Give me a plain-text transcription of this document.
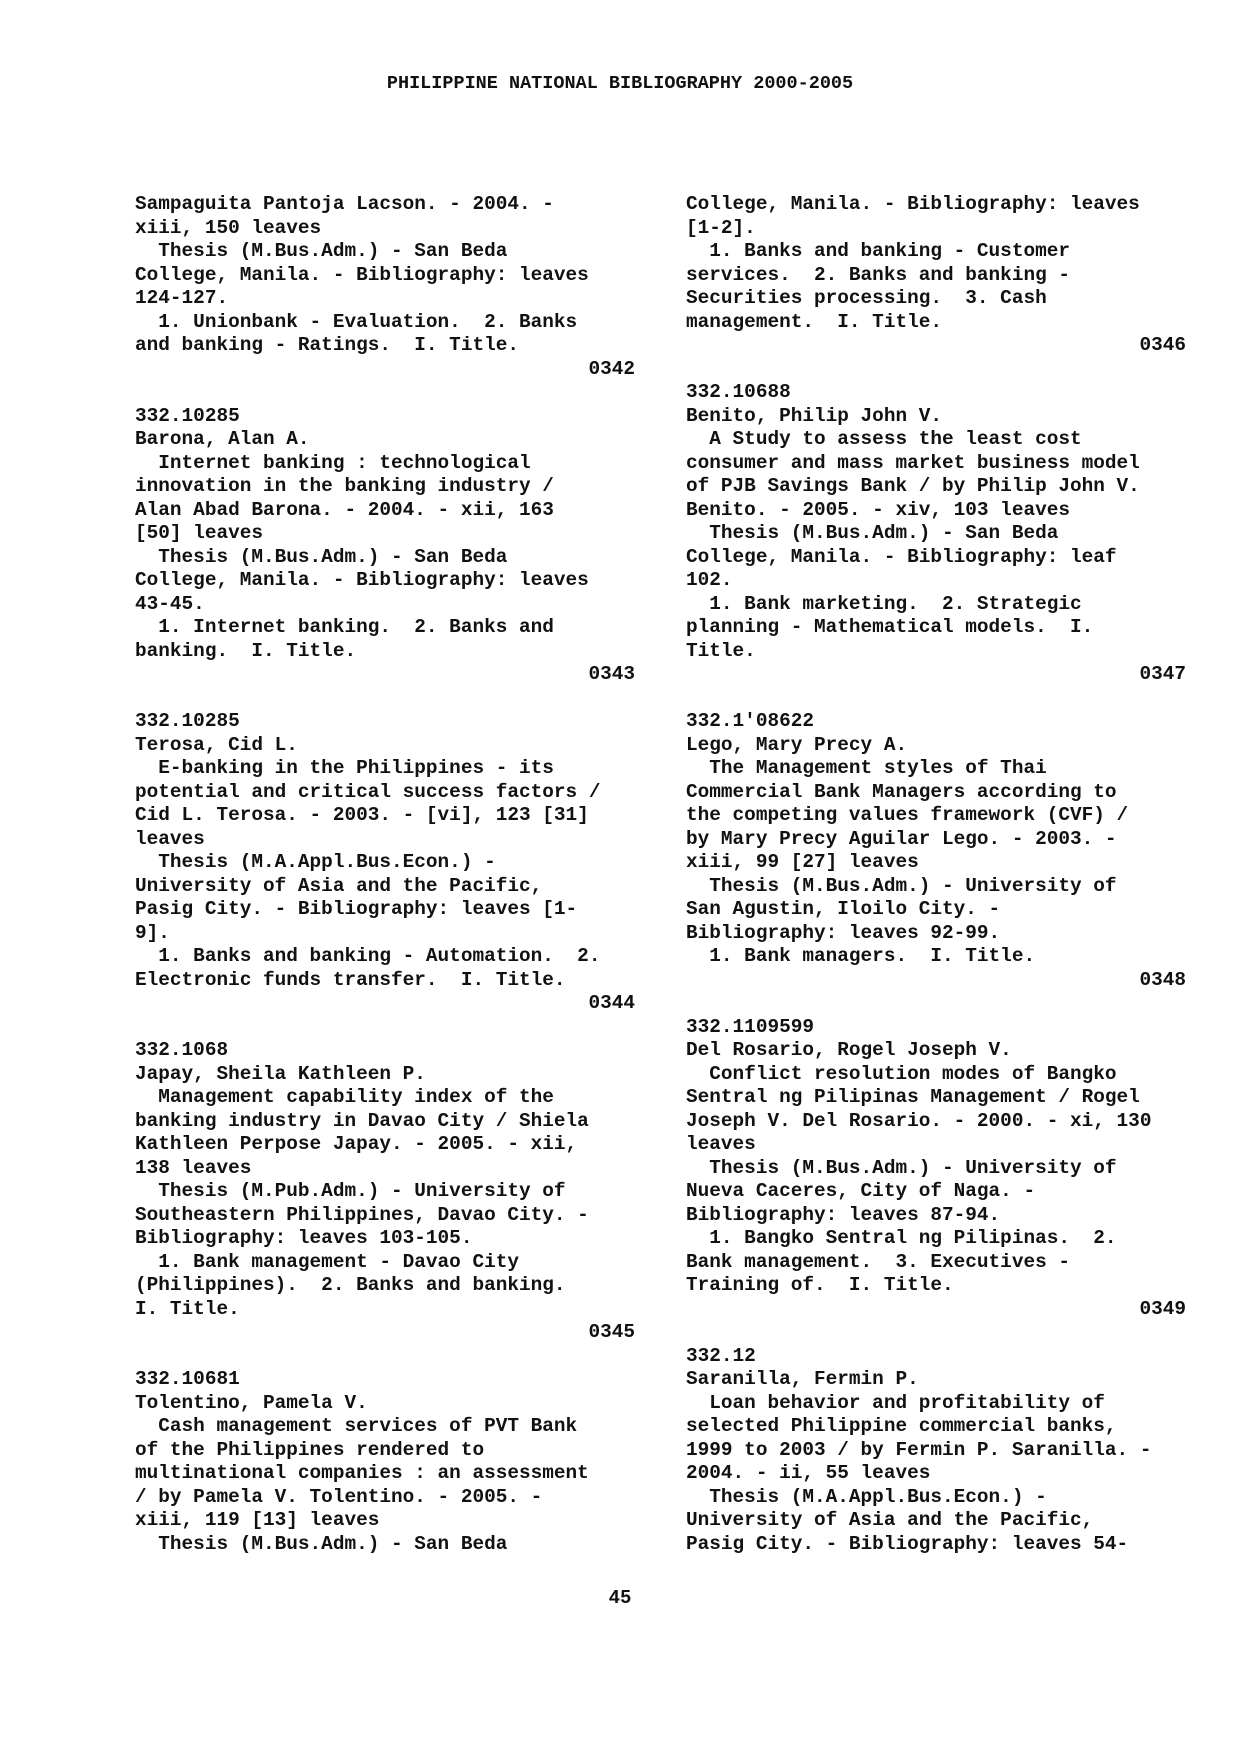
PHILIPPINE NATIONAL BIBLIOGRAPHY 2000-2005
Sampaguita Pantoja Lacson. - 2004. -
xiii, 150 leaves
Thesis (M.Bus.Adm.) - San Beda
College, Manila. - Bibliography: leaves
124-127.
1. Unionbank - Evaluation.  2. Banks
and banking - Ratings.  I. Title.
0342
332.10285
Barona, Alan A.
Internet banking : technological
innovation in the banking industry /
Alan Abad Barona. - 2004. - xii, 163
[50] leaves
Thesis (M.Bus.Adm.) - San Beda
College, Manila. - Bibliography: leaves
43-45.
1. Internet banking.  2. Banks and
banking.  I. Title.
0343
332.10285
Terosa, Cid L.
E-banking in the Philippines - its
potential and critical success factors /
Cid L. Terosa. - 2003. - [vi], 123 [31]
leaves
Thesis (M.A.Appl.Bus.Econ.) -
University of Asia and the Pacific,
Pasig City. - Bibliography: leaves [1-
9].
1. Banks and banking - Automation.  2.
Electronic funds transfer.  I. Title.
0344
332.1068
Japay, Sheila Kathleen P.
Management capability index of the
banking industry in Davao City / Shiela
Kathleen Perpose Japay. - 2005. - xii,
138 leaves
Thesis (M.Pub.Adm.) - University of
Southeastern Philippines, Davao City. -
Bibliography: leaves 103-105.
1. Bank management - Davao City
(Philippines).  2. Banks and banking.
I. Title.
0345
332.10681
Tolentino, Pamela V.
Cash management services of PVT Bank
of the Philippines rendered to
multinational companies : an assessment
/ by Pamela V. Tolentino. - 2005. -
xiii, 119 [13] leaves
Thesis (M.Bus.Adm.) - San Beda
College, Manila. - Bibliography: leaves
[1-2].
1. Banks and banking - Customer
services.  2. Banks and banking -
Securities processing.  3. Cash
management.  I. Title.
0346
332.10688
Benito, Philip John V.
A Study to assess the least cost
consumer and mass market business model
of PJB Savings Bank / by Philip John V.
Benito. - 2005. - xiv, 103 leaves
Thesis (M.Bus.Adm.) - San Beda
College, Manila. - Bibliography: leaf
102.
1. Bank marketing.  2. Strategic
planning - Mathematical models.  I.
Title.
0347
332.1'08622
Lego, Mary Precy A.
The Management styles of Thai
Commercial Bank Managers according to
the competing values framework (CVF) /
by Mary Precy Aguilar Lego. - 2003. -
xiii, 99 [27] leaves
Thesis (M.Bus.Adm.) - University of
San Agustin, Iloilo City. -
Bibliography: leaves 92-99.
1. Bank managers.  I. Title.
0348
332.1109599
Del Rosario, Rogel Joseph V.
Conflict resolution modes of Bangko
Sentral ng Pilipinas Management / Rogel
Joseph V. Del Rosario. - 2000. - xi, 130
leaves
Thesis (M.Bus.Adm.) - University of
Nueva Caceres, City of Naga. -
Bibliography: leaves 87-94.
1. Bangko Sentral ng Pilipinas.  2.
Bank management.  3. Executives -
Training of.  I. Title.
0349
332.12
Saranilla, Fermin P.
Loan behavior and profitability of
selected Philippine commercial banks,
1999 to 2003 / by Fermin P. Saranilla. -
2004. - ii, 55 leaves
Thesis (M.A.Appl.Bus.Econ.) -
University of Asia and the Pacific,
Pasig City. - Bibliography: leaves 54-
45
